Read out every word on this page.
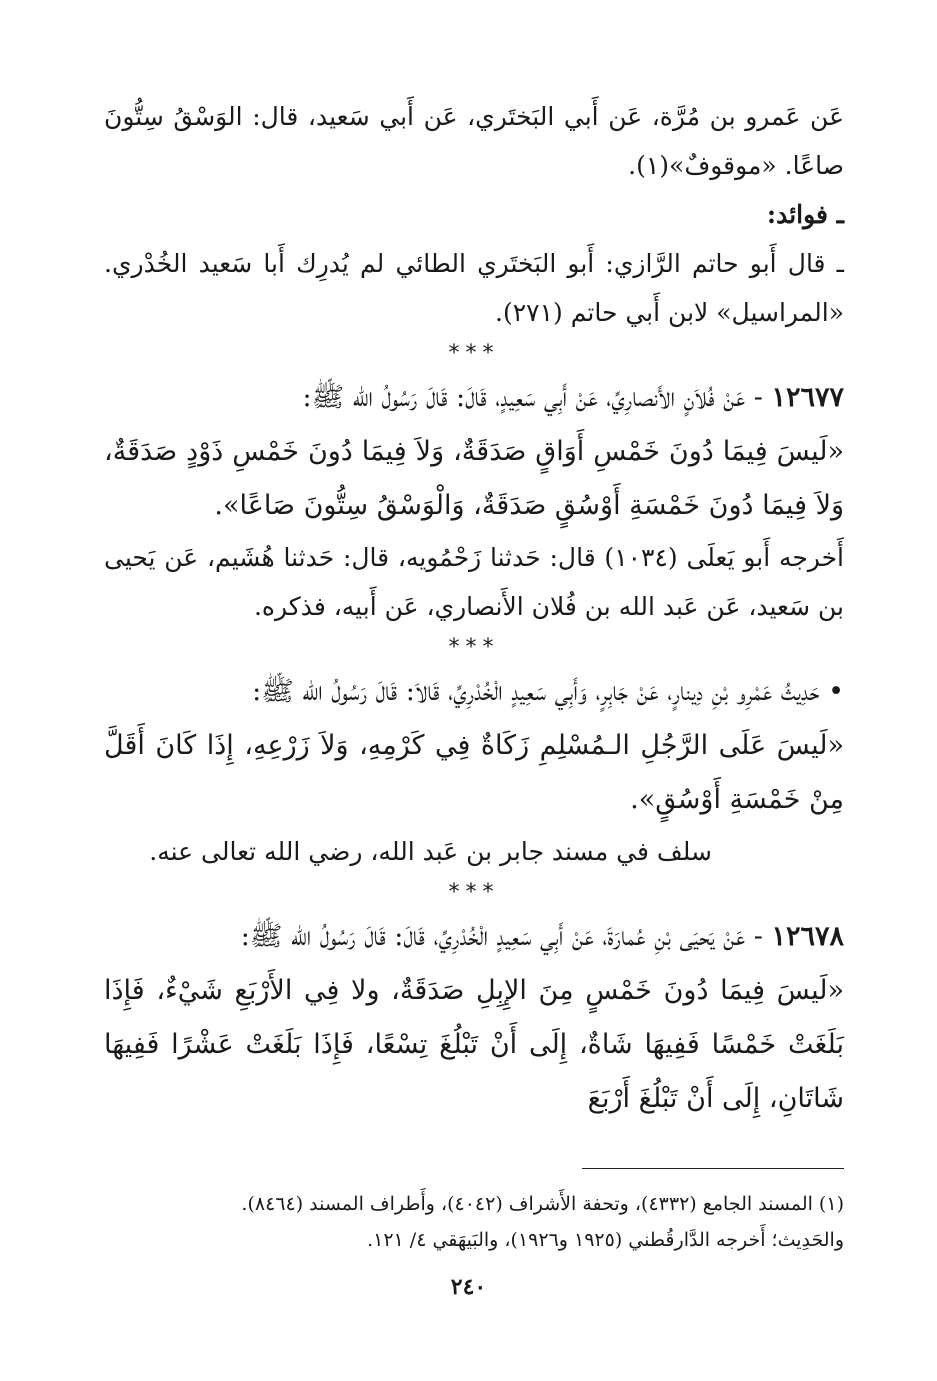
عَن عَمرو بن مُرَّة، عَن أَبي البَختَري، عَن أَبي سَعيد، قال: الوَسْقُ سِتُّونَ صاعًا. «موقوفٌ»(١).

ـ فوائد:

ـ قال أَبو حاتم الرَّازي: أَبو البَختَري الطائي لم يُدرِك أَبا سَعيد الخُدْري. «المراسيل» لابن أَبي حاتم (٢٧١).

***

١٢٦٧٧ - عَنْ فُلاَنٍ الأَنصارِيِّ، عَنْ أَبِي سَعِيدٍ، قَالَ: قَالَ رَسُولُ الله ﷺ:

«لَيسَ فِيمَا دُونَ خَمْسِ أَوَاقٍ صَدَقَةٌ، وَلاَ فِيمَا دُونَ خَمْسِ ذَوْدٍ صَدَقَةٌ، وَلاَ فِيمَا دُونَ خَمْسَةِ أَوْسُقٍ صَدَقَةٌ، وَالْوَسْقُ سِتُّونَ صَاعًا».

أَخرجه أَبو يَعلَى (١٠٣٤) قال: حَدثنا زَحْمُويه، قال: حَدثنا هُشَيم، عَن يَحيى بن سَعيد، عَن عَبد الله بن فُلان الأَنصاري، عَن أَبيه، فذكره.

***

• حَدِيثُ عَمْرِو بْنِ دِينارٍ، عَنْ جَابِرٍ، وَأَبِي سَعِيدٍ الْخُدْرِيِّ، قَالاَ: قَالَ رَسُولُ الله ﷺ:

«لَيسَ عَلَى الرَّجُلِ الـمُسْلِمِ زَكَاةٌ فِي كَرْمِهِ، وَلاَ زَرْعِهِ، إِذَا كَانَ أَقَلَّ مِنْ خَمْسَةِ أَوْسُقٍ».

سلف في مسند جابر بن عَبد الله، رضي الله تعالى عنه.

***

١٢٦٧٨ - عَنْ يَحيَى بْنِ عُمارَةَ، عَنْ أَبِي سَعِيدٍ الْخُدْرِيِّ، قَالَ: قَالَ رَسُولُ الله ﷺ:

«لَيسَ فِيمَا دُونَ خَمْسٍ مِنَ الإِبِلِ صَدَقَةٌ، ولا فِي الأَرْبَعِ شَيْءٌ، فَإِذَا بَلَغَتْ خَمْسًا فَفِيهَا شَاةٌ، إِلَى أَنْ تَبْلُغَ تِسْعًا، فَإِذَا بَلَغَتْ عَشْرًا فَفِيهَا شَاتَانِ، إِلَى أَنْ تَبْلُغَ أَرْبَعَ

(١) المسند الجامع (٤٣٣٢)، وتحفة الأَشراف (٤٠٤٢)، وأَطراف المسند (٨٤٦٤).

والحَدِيث؛ أَخرجه الدَّارقُطني (١٩٢٥ و١٩٢٦)، والبَيهَقي ٤/ ١٢١.

٢٤٠
